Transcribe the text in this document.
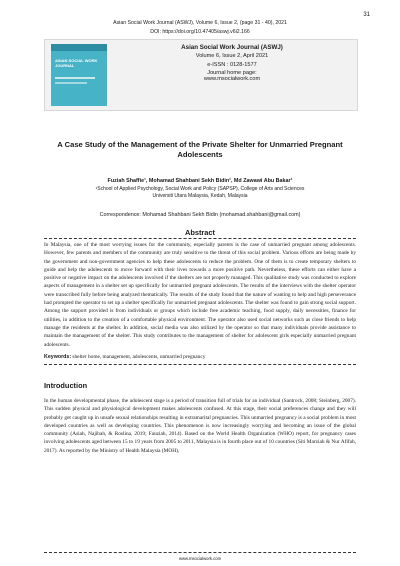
31
Asian Social Work Journal (ASWJ), Volume 6, Issue 2, (page 31 - 40), 2021
DOI: https://doi.org/10.47405/aswj.v6i2.166
ASIAN SOCIAL WORK JOURNAL
Asian Social Work Journal (ASWJ)
Volume 6, Issue 2, April 2021
e-ISSN : 0128-1577
Journal home page:
www.msocialwork.com
A Case Study of the Management of the Private Shelter for Unmarried Pregnant Adolescents
Fuziah Shaffie¹, Mohamad Shahbani Sekh Bidin¹, Md Zawawi Abu Bakar¹
¹School of Applied Psychology, Social Work and Policy (SAPSP), College of Arts and Sciences
Universiti Utara Malaysia, Kedah, Malaysia
Correspondence: Mohamad Shahbani Sekh Bidin (mohamad.shahbani@gmail.com)
Abstract

In Malaysia, one of the most worrying issues for the community, especially parents is the case of unmarried pregnant among adolescents. However, few parents and members of the community are truly sensitive to the threat of this social problem. Various efforts are being made by the government and non-government agencies to help these adolescents to reduce the problem. One of them is to create temporary shelters to guide and help the adolescents to move forward with their lives towards a more positive path. Nevertheless, these efforts can either have a positive or negative impact on the adolescents involved if the shelters are not properly managed. This qualitative study was conducted to explore aspects of management in a shelter set up specifically for unmarried pregnant adolescents. The results of the interviews with the shelter operator were transcribed fully before being analyzed thematically. The results of the study found that the nature of wanting to help and high perseverance had prompted the operator to set up a shelter specifically for unmarried pregnant adolescents. The shelter was found to gain strong social support. Among the support provided is from individuals or groups which include free academic teaching, food supply, daily necessities, finance for utilities, in addition to the creation of a comfortable physical environment. The operator also used social networks such as close friends to help manage the residents at the shelter. In addition, social media was also utilized by the operator so that many individuals provide assistance to maintain the management of the shelter. This study contributes to the management of shelter for adolescent girls especially unmarried pregnant adolescents.

Keywords: shelter home, management, adolescents, unmarried pregnancy
Introduction

In the human developmental phase, the adolescent stage is a period of transition full of trials for an individual (Santrock, 2008; Steinberg, 2007). This sudden physical and physiological development makes adolescents confused. At this stage, their social preferences change and they will probably get caught up in unsafe sexual relationships resulting in extramarital pregnancies. This unmarried pregnancy is a social problem in most developed countries as well as developing countries. This phenomenon is now increasingly worrying and becoming an issue of the global community (Asiah, Najibah, & Roslina, 2019; Fauziah, 2014). Based on the World Health Organization (WHO) report, for pregnancy cases involving adolescents aged between 15 to 19 years from 2005 to 2011, Malaysia is in fourth place out of 10 countries (Siti Marziah & Nur Afifah, 2017). As reported by the Ministry of Health Malaysia (MOH),

www.msocialwork.com
